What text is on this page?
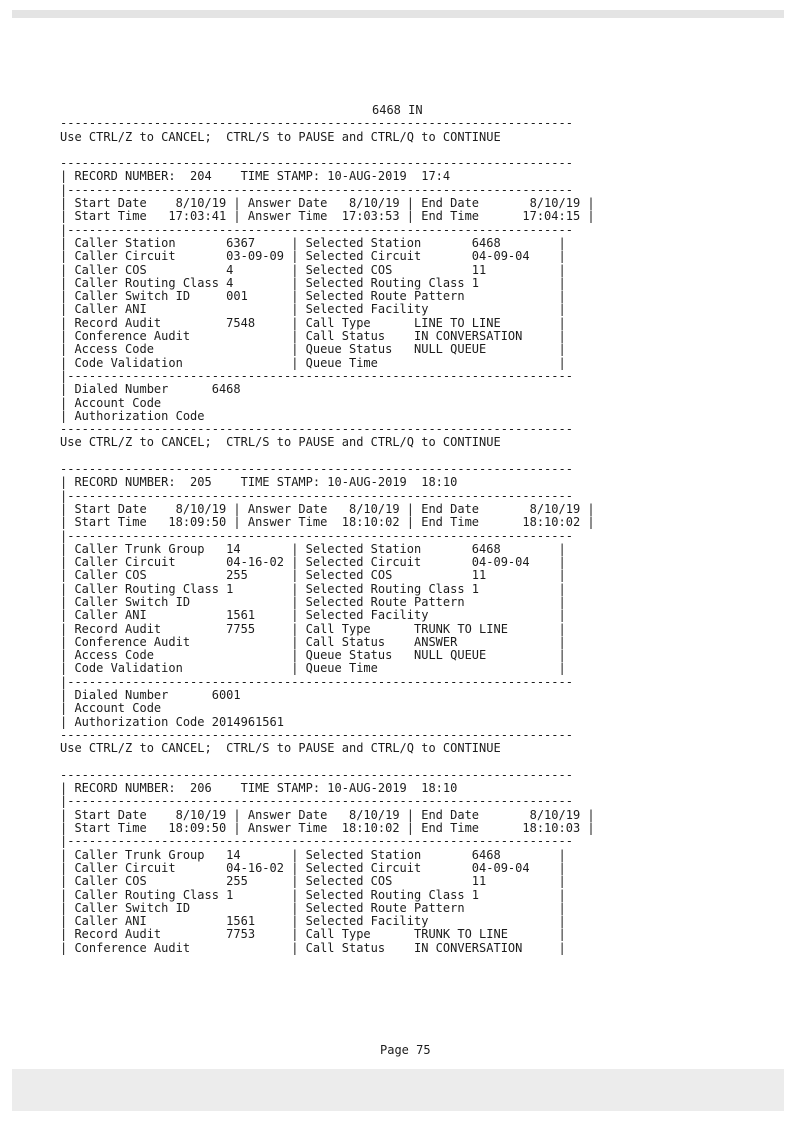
6468 IN
-----------------------------------------------------------------------
Use CTRL/Z to CANCEL;  CTRL/S to PAUSE and CTRL/Q to CONTINUE
-----------------------------------------------------------------------
| RECORD NUMBER:  204    TIME STAMP: 10-AUG-2019  17:4
|----------------------------------------------------------------------
| Start Date    8/10/19 | Answer Date   8/10/19 | End Date       8/10/19 |
| Start Time   17:03:41 | Answer Time  17:03:53 | End Time      17:04:15 |
|----------------------------------------------------------------------
| Caller Station       6367     | Selected Station       6468        |
| Caller Circuit       03-09-09 | Selected Circuit       04-09-04    |
| Caller COS           4        | Selected COS           11          |
| Caller Routing Class 4        | Selected Routing Class 1           |
| Caller Switch ID     001      | Selected Route Pattern             |
| Caller ANI                    | Selected Facility                  |
| Record Audit         7548     | Call Type      LINE TO LINE        |
| Conference Audit              | Call Status    IN CONVERSATION     |
| Access Code                   | Queue Status   NULL QUEUE          |
| Code Validation               | Queue Time                         |
|----------------------------------------------------------------------
| Dialed Number      6468
| Account Code
| Authorization Code
-----------------------------------------------------------------------
Use CTRL/Z to CANCEL;  CTRL/S to PAUSE and CTRL/Q to CONTINUE
-----------------------------------------------------------------------
| RECORD NUMBER:  205    TIME STAMP: 10-AUG-2019  18:10
|----------------------------------------------------------------------
| Start Date    8/10/19 | Answer Date   8/10/19 | End Date       8/10/19 |
| Start Time   18:09:50 | Answer Time  18:10:02 | End Time      18:10:02 |
|----------------------------------------------------------------------
| Caller Trunk Group   14       | Selected Station       6468        |
| Caller Circuit       04-16-02 | Selected Circuit       04-09-04    |
| Caller COS           255      | Selected COS           11          |
| Caller Routing Class 1        | Selected Routing Class 1           |
| Caller Switch ID              | Selected Route Pattern             |
| Caller ANI           1561     | Selected Facility                  |
| Record Audit         7755     | Call Type      TRUNK TO LINE       |
| Conference Audit              | Call Status    ANSWER              |
| Access Code                   | Queue Status   NULL QUEUE          |
| Code Validation               | Queue Time                         |
|----------------------------------------------------------------------
| Dialed Number      6001
| Account Code
| Authorization Code 2014961561
-----------------------------------------------------------------------
Use CTRL/Z to CANCEL;  CTRL/S to PAUSE and CTRL/Q to CONTINUE
-----------------------------------------------------------------------
| RECORD NUMBER:  206    TIME STAMP: 10-AUG-2019  18:10
|----------------------------------------------------------------------
| Start Date    8/10/19 | Answer Date   8/10/19 | End Date       8/10/19 |
| Start Time   18:09:50 | Answer Time  18:10:02 | End Time      18:10:03 |
|----------------------------------------------------------------------
| Caller Trunk Group   14       | Selected Station       6468        |
| Caller Circuit       04-16-02 | Selected Circuit       04-09-04    |
| Caller COS           255      | Selected COS           11          |
| Caller Routing Class 1        | Selected Routing Class 1           |
| Caller Switch ID              | Selected Route Pattern             |
| Caller ANI           1561     | Selected Facility                  |
| Record Audit         7753     | Call Type      TRUNK TO LINE       |
| Conference Audit              | Call Status    IN CONVERSATION     |
Page 75
